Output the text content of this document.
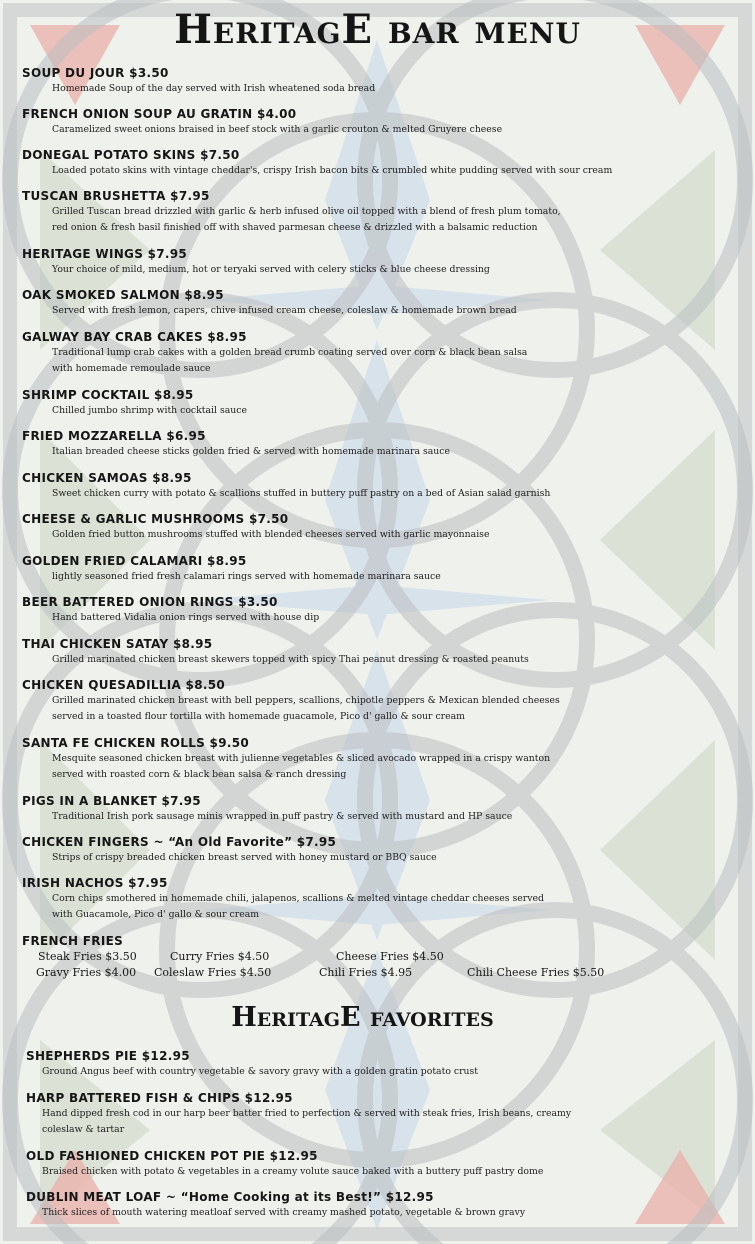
HeritagE bar menu
SOUP DU JOUR $3.50
Homemade Soup of the day served with Irish wheatened soda bread
FRENCH ONION SOUP AU GRATIN $4.00
Caramelized sweet onions braised in beef stock with a garlic crouton & melted Gruyere cheese
DONEGAL POTATO SKINS $7.50
Loaded potato skins with vintage cheddar's, crispy Irish bacon bits & crumbled white pudding served with sour cream
TUSCAN BRUSHETTA $7.95
Grilled Tuscan bread drizzled with garlic & herb infused olive oil topped with a blend of fresh plum tomato,
red onion & fresh basil finished off with shaved parmesan cheese & drizzled with a balsamic reduction
HERITAGE WINGS $7.95
Your choice of mild, medium, hot or teryaki served with celery sticks & blue cheese dressing
OAK SMOKED SALMON $8.95
Served with fresh lemon, capers, chive infused cream cheese, coleslaw & homemade brown bread
GALWAY BAY CRAB CAKES $8.95
Traditional lump crab cakes with a golden bread crumb coating served over corn & black bean salsa
with homemade remoulade sauce
SHRIMP COCKTAIL $8.95
Chilled jumbo shrimp with cocktail sauce
FRIED MOZZARELLA $6.95
Italian breaded cheese sticks golden fried & served with homemade marinara sauce
CHICKEN SAMOAS $8.95
Sweet chicken curry with potato & scallions stuffed in buttery puff pastry on a bed of Asian salad garnish
CHEESE & GARLIC MUSHROOMS $7.50
Golden fried button mushrooms stuffed with blended cheeses served with garlic mayonnaise
GOLDEN FRIED CALAMARI $8.95
lightly seasoned fried fresh calamari rings served with homemade marinara sauce
BEER BATTERED ONION RINGS $3.50
Hand battered Vidalia onion rings served with house dip
THAI CHICKEN SATAY $8.95
Grilled marinated chicken breast skewers topped with spicy Thai peanut dressing & roasted peanuts
CHICKEN QUESADILLIA $8.50
Grilled marinated chicken breast with bell peppers, scallions, chipotle peppers & Mexican blended cheeses
served in a toasted flour tortilla with homemade guacamole, Pico d' gallo & sour cream
SANTA FE CHICKEN ROLLS $9.50
Mesquite seasoned chicken breast with julienne vegetables & sliced avocado wrapped in a crispy wanton
served with roasted corn & black bean salsa & ranch dressing
PIGS IN A BLANKET $7.95
Traditional Irish pork sausage minis wrapped in puff pastry & served with mustard and HP sauce
CHICKEN FINGERS ~ “An Old Favorite” $7.95
Strips of crispy breaded chicken breast served with honey mustard or BBQ sauce
IRISH NACHOS $7.95
Corn chips smothered in homemade chili, jalapenos, scallions & melted vintage cheddar cheeses served
with Guacamole, Pico d' gallo & sour cream
FRENCH FRIES
Steak Fries $3.50	Curry Fries $4.50	Cheese Fries $4.50
Gravy Fries $4.00 Coleslaw Fries $4.50	Chili Fries $4.95	Chili Cheese Fries $5.50
HeritagE favorites
SHEPHERDS PIE $12.95
Ground Angus beef with country vegetable & savory gravy with a golden gratin potato crust
HARP BATTERED FISH & CHIPS $12.95
Hand dipped fresh cod in our harp beer batter fried to perfection & served with steak fries, Irish beans, creamy
coleslaw & tartar
OLD FASHIONED CHICKEN POT PIE $12.95
Braised chicken with potato & vegetables in a creamy volute sauce baked with a buttery puff pastry dome
DUBLIN MEAT LOAF ~ “Home Cooking at its Best!” $12.95
Thick slices of mouth watering meatloaf served with creamy mashed potato, vegetable & brown gravy
